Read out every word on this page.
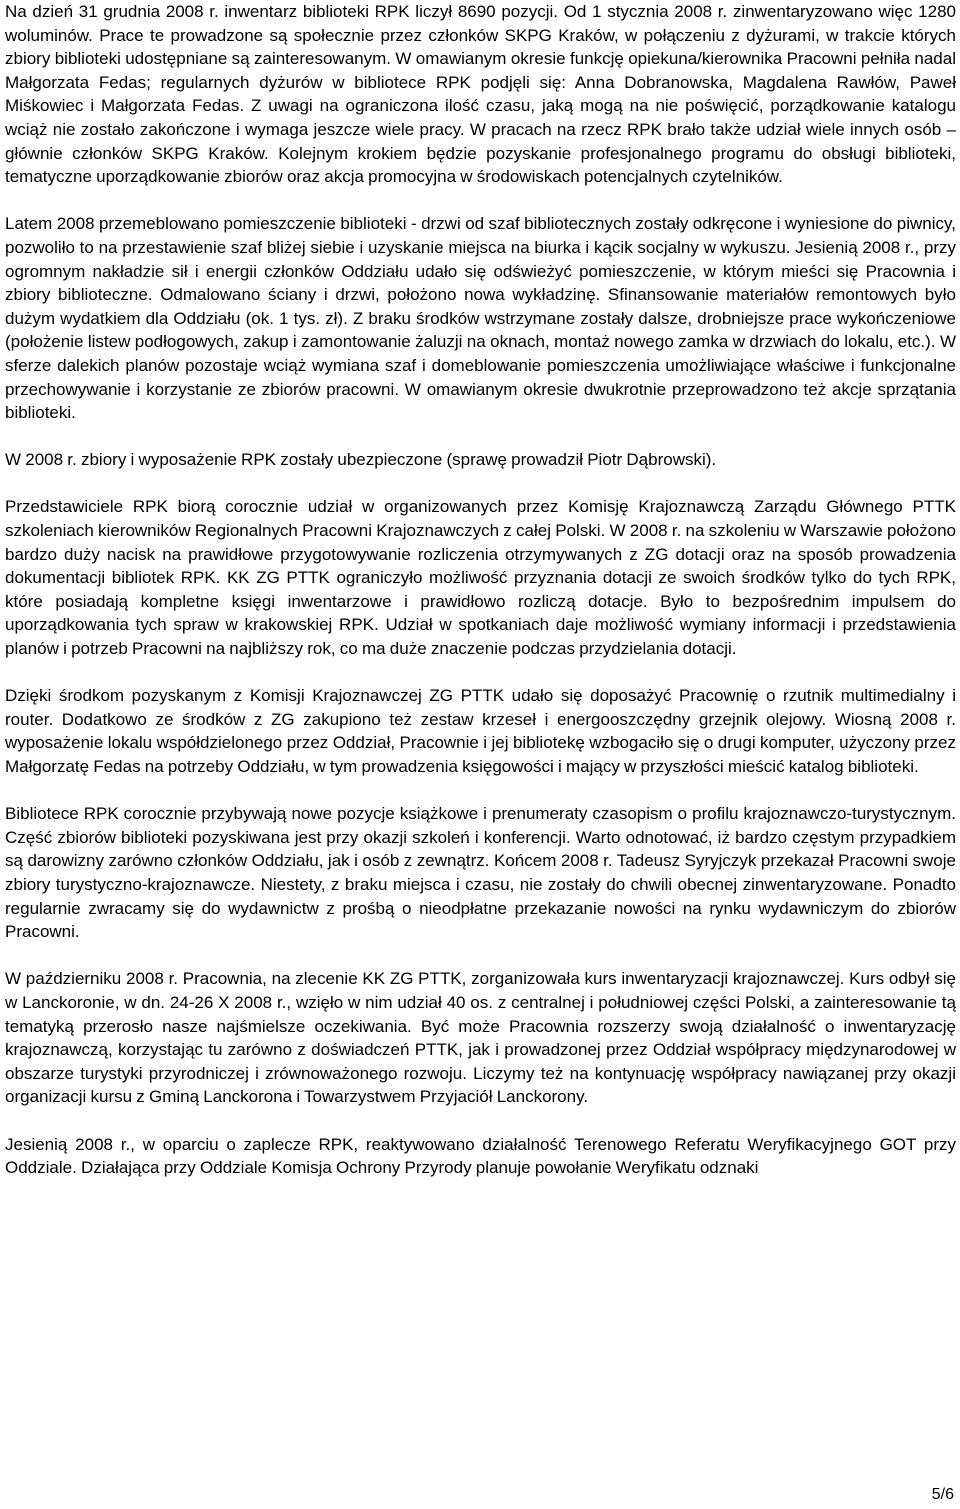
Na dzień 31 grudnia 2008 r. inwentarz biblioteki RPK liczył 8690 pozycji. Od 1 stycznia 2008 r. zinwentaryzowano więc 1280 woluminów. Prace te prowadzone są społecznie przez członków SKPG Kraków, w połączeniu z dyżurami, w trakcie których zbiory biblioteki udostępniane są zainteresowanym. W omawianym okresie funkcję opiekuna/kierownika Pracowni pełniła nadal Małgorzata Fedas; regularnych dyżurów w bibliotece RPK podjęli się: Anna Dobranowska, Magdalena Rawłów, Paweł Miśkowiec i Małgorzata Fedas. Z uwagi na ograniczona ilość czasu, jaką mogą na nie poświęcić, porządkowanie katalogu wciąż nie zostało zakończone i wymaga jeszcze wiele pracy. W pracach na rzecz RPK brało także udział wiele innych osób – głównie członków SKPG Kraków. Kolejnym krokiem będzie pozyskanie profesjonalnego programu do obsługi biblioteki, tematyczne uporządkowanie zbiorów oraz akcja promocyjna w środowiskach potencjalnych czytelników.

Latem 2008 przemeblowano pomieszczenie biblioteki - drzwi od szaf bibliotecznych zostały odkręcone i wyniesione do piwnicy, pozwoliło to na przestawienie szaf bliżej siebie i uzyskanie miejsca na biurka i kącik socjalny w wykuszu. Jesienią 2008 r., przy ogromnym nakładzie sił i energii członków Oddziału udało się odświeżyć pomieszczenie, w którym mieści się Pracownia i zbiory biblioteczne. Odmalowano ściany i drzwi, położono nowa wykładzinę. Sfinansowanie materiałów remontowych było dużym wydatkiem dla Oddziału (ok. 1 tys. zł). Z braku środków wstrzymane zostały dalsze, drobniejsze prace wykończeniowe (położenie listew podłogowych, zakup i zamontowanie żaluzji na oknach, montaż nowego zamka w drzwiach do lokalu, etc.). W sferze dalekich planów pozostaje wciąż wymiana szaf i domeblowanie pomieszczenia umożliwiające właściwe i funkcjonalne przechowywanie i korzystanie ze zbiorów pracowni. W omawianym okresie dwukrotnie przeprowadzono też akcje sprzątania biblioteki.

W 2008 r. zbiory i wyposażenie RPK zostały ubezpieczone (sprawę prowadził Piotr Dąbrowski).

Przedstawiciele RPK biorą corocznie udział w organizowanych przez Komisję Krajoznawczą Zarządu Głównego PTTK szkoleniach kierowników Regionalnych Pracowni Krajoznawczych z całej Polski. W 2008 r. na szkoleniu w Warszawie położono bardzo duży nacisk na prawidłowe przygotowywanie rozliczenia otrzymywanych z ZG dotacji oraz na sposób prowadzenia dokumentacji bibliotek RPK. KK ZG PTTK ograniczyło możliwość przyznania dotacji ze swoich środków tylko do tych RPK, które posiadają kompletne księgi inwentarzowe i prawidłowo rozliczą dotacje. Było to bezpośrednim impulsem do uporządkowania tych spraw w krakowskiej RPK. Udział w spotkaniach daje możliwość wymiany informacji i przedstawienia planów i potrzeb Pracowni na najbliższy rok, co ma duże znaczenie podczas przydzielania dotacji.

Dzięki środkom pozyskanym z Komisji Krajoznawczej ZG PTTK udało się doposażyć Pracownię o rzutnik multimedialny i router. Dodatkowo ze środków z ZG zakupiono też zestaw krzeseł i energooszczędny grzejnik olejowy. Wiosną 2008 r. wyposażenie lokalu współdzielonego przez Oddział, Pracownie i jej bibliotekę wzbogaciło się o drugi komputer, użyczony przez Małgorzatę Fedas na potrzeby Oddziału, w tym prowadzenia księgowości i mający w przyszłości mieścić katalog biblioteki.

Bibliotece RPK corocznie przybywają nowe pozycje książkowe i prenumeraty czasopism o profilu krajoznawczo-turystycznym. Część zbiorów biblioteki pozyskiwana jest przy okazji szkoleń i konferencji. Warto odnotować, iż bardzo częstym przypadkiem są darowizny zarówno członków Oddziału, jak i osób z zewnątrz. Końcem 2008 r. Tadeusz Syryjczyk przekazał Pracowni swoje zbiory turystyczno-krajoznawcze. Niestety, z braku miejsca i czasu, nie zostały do chwili obecnej zinwentaryzowane. Ponadto regularnie zwracamy się do wydawnictw z prośbą o nieodpłatne przekazanie nowości na rynku wydawniczym do zbiorów Pracowni.

W październiku 2008 r. Pracownia, na zlecenie KK ZG PTTK, zorganizowała kurs inwentaryzacji krajoznawczej. Kurs odbył się w Lanckoronie, w dn. 24-26 X 2008 r., wzięło w nim udział 40 os. z centralnej i południowej części Polski, a zainteresowanie tą tematyką przerosło nasze najśmielsze oczekiwania. Być może Pracownia rozszerzy swoją działalność o inwentaryzację krajoznawczą, korzystając tu zarówno z doświadczeń PTTK, jak i prowadzonej przez Oddział współpracy międzynarodowej w obszarze turystyki przyrodniczej i zrównoważonego rozwoju. Liczymy też na kontynuację współpracy nawiązanej przy okazji organizacji kursu z Gminą Lanckorona i Towarzystwem Przyjaciół Lanckorony.

Jesienią 2008 r., w oparciu o zaplecze RPK, reaktywowano działalność Terenowego Referatu Weryfikacyjnego GOT przy Oddziale. Działająca przy Oddziale Komisja Ochrony Przyrody planuje powołanie Weryfikatu odznaki

5/6
